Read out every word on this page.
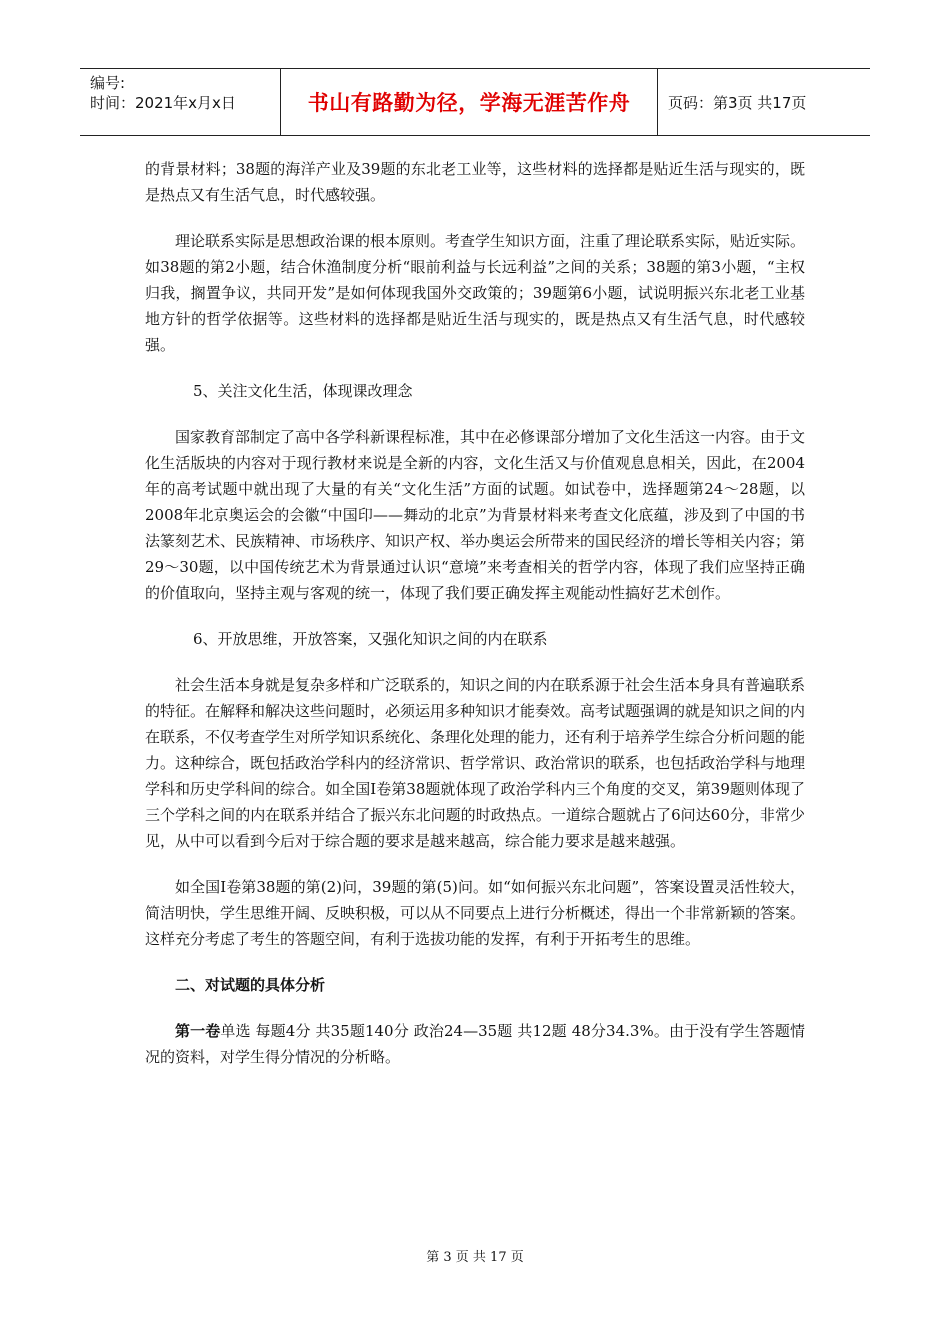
编号:
时间：2021年x月x日	书山有路勤为径，学海无涯苦作舟	页码：第3页 共17页

的背景材料；38题的海洋产业及39题的东北老工业等，这些材料的选择都是贴近生活与现实的，既是热点又有生活气息，时代感较强。

理论联系实际是思想政治课的根本原则。考查学生知识方面，注重了理论联系实际，贴近实际。如38题的第2小题，结合休渔制度分析“眼前利益与长远利益”之间的关系；38题的第3小题，“主权归我，搁置争议，共同开发”是如何体现我国外交政策的；39题第6小题，试说明振兴东北老工业基地方针的哲学依据等。这些材料的选择都是贴近生活与现实的，既是热点又有生活气息，时代感较强。

5、关注文化生活，体现课改理念

国家教育部制定了高中各学科新课程标准，其中在必修课部分增加了文化生活这一内容。由于文化生活版块的内容对于现行教材来说是全新的内容，文化生活又与价值观息息相关，因此，在2004年的高考试题中就出现了大量的有关“文化生活”方面的试题。如试卷中，选择题第24～28题，以2008年北京奥运会的会徽“中国印——舞动的北京”为背景材料来考查文化底蕴，涉及到了中国的书法篆刻艺术、民族精神、市场秩序、知识产权、举办奥运会所带来的国民经济的增长等相关内容；第29～30题，以中国传统艺术为背景通过认识“意境”来考查相关的哲学内容，体现了我们应坚持正确的价值取向，坚持主观与客观的统一，体现了我们要正确发挥主观能动性搞好艺术创作。

6、开放思维，开放答案，又强化知识之间的内在联系

社会生活本身就是复杂多样和广泛联系的，知识之间的内在联系源于社会生活本身具有普遍联系的特征。在解释和解决这些问题时，必须运用多种知识才能奏效。高考试题强调的就是知识之间的内在联系，不仅考查学生对所学知识系统化、条理化处理的能力，还有利于培养学生综合分析问题的能力。这种综合，既包括政治学科内的经济常识、哲学常识、政治常识的联系，也包括政治学科与地理学科和历史学科间的综合。如全国Ⅰ卷第38题就体现了政治学科内三个角度的交叉，第39题则体现了三个学科之间的内在联系并结合了振兴东北问题的时政热点。一道综合题就占了6问达60分，非常少见，从中可以看到今后对于综合题的要求是越来越高，综合能力要求是越来越强。

如全国Ⅰ卷第38题的第(2)问，39题的第(5)问。如“如何振兴东北问题”，答案设置灵活性较大，简洁明快，学生思维开阔、反映积极，可以从不同要点上进行分析概述，得出一个非常新颖的答案。这样充分考虑了考生的答题空间，有利于选拔功能的发挥，有利于开拓考生的思维。

二、对试题的具体分析

第一卷单选 每题4分 共35题140分 政治24—35题 共12题 48分34.3%。由于没有学生答题情况的资料，对学生得分情况的分析略。

第 3 页 共 17 页
